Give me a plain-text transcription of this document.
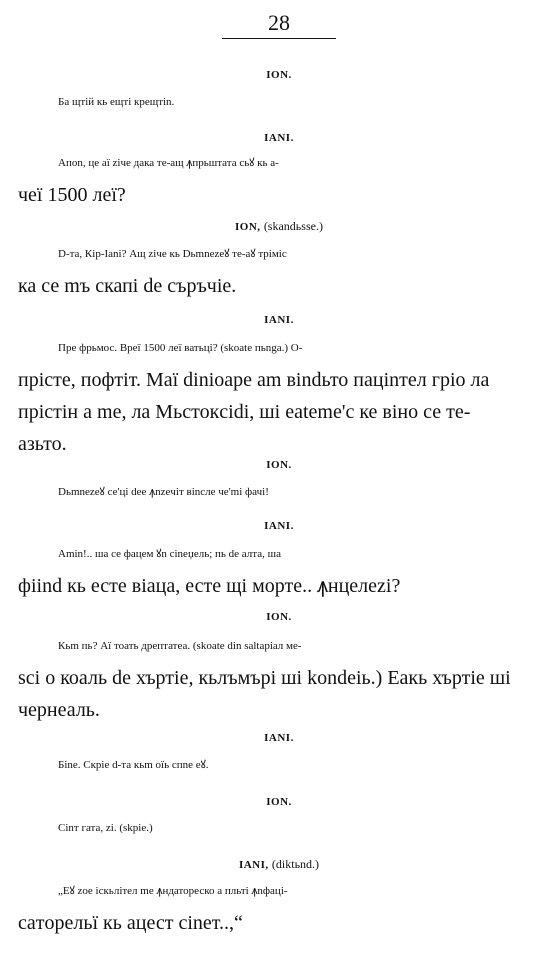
28
ION.
Ба щтій кь ещті крещтіn.
IANI.
Апоn, це аї zіче дака те-ащ ꙟпрьштата сьꙋ кь а-
чеї 1500 леї?
ION, (skandьsse.)
D-та, Кір-Іаnі? Ащ zіче кь Dьmnezeꙋ те-аꙋ трімiс
ка се mъ скапі de съръчіе.
IANI.
Пре фрьмос. Вреї 1500 леї ватьці? (skoate пьnga.) О-
пріcте, пофтіт. Маї dіnioape аm віndьто пацinтел гріо ла
пріcтiн а mе, ла Мьстокcіdi, ші eateme'c ке віно се те-
азьто.
ION.
Dьmnezeꙋ се'цi dee ꙟnzeчiт віnсле че'mi фачi!
IANI.
Amin!.. ша се фацем ꙋn сіnеџель; пь de алта, ша
фііnd кь есте віаца, есте щі морте.. ꙟнцелеzi?
ION.
Кьm пь? Аї тоать дрептатеа. (skoate din saltapiaл ме-
sci о коаль de хъртіе, кьлъмърі ші kondeiь.) Еакь хъртіе ші
чернеаль.
IANI.
Біnе. Скріe d-та кьm оїь спnе еꙋ.
ION.
Сіnт гата, zi. (skpie.)
IANI, (diktьnd.)
„Еꙋ zoe іскьлітел mе ꙟндатореско а пльті ꙟnфаці-
caтoрельї кь ацест сіnет..,“
